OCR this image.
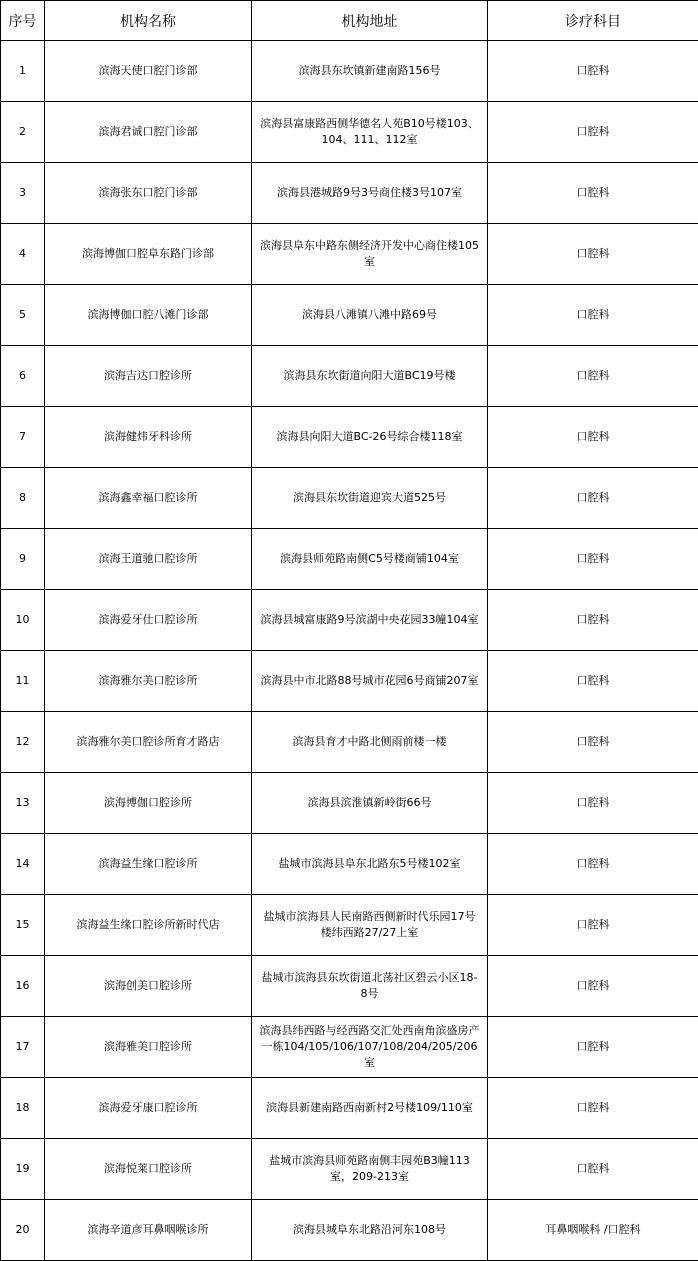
序号	机构名称	机构地址	诊疗科目
1	滨海天使口腔门诊部	滨海县东坎镇新建南路156号	口腔科
2	滨海君诚口腔门诊部	滨海县富康路西侧华德名人苑B10号楼103、104、111、112室	口腔科
3	滨海张东口腔门诊部	滨海县港城路9号3号商住楼3号107室	口腔科
4	滨海博伽口腔阜东路门诊部	滨海县阜东中路东侧经济开发中心商住楼105室	口腔科
5	滨海博伽口腔八滩门诊部	滨海县八滩镇八滩中路69号	口腔科
6	滨海吉达口腔诊所	滨海县东坎街道向阳大道BC19号楼	口腔科
7	滨海健炜牙科诊所	滨海县向阳大道BC-26号综合楼118室	口腔科
8	滨海鑫幸福口腔诊所	滨海县东坎街道迎宾大道525号	口腔科
9	滨海王道驰口腔诊所	滨海县师苑路南侧C5号楼商铺104室	口腔科
10	滨海爱牙仕口腔诊所	滨海县城富康路9号滨湖中央花园33幢104室	口腔科
11	滨海雅尔美口腔诊所	滨海县中市北路88号城市花园6号商铺207室	口腔科
12	滨海雅尔美口腔诊所育才路店	滨海县育才中路北侧雨前楼一楼	口腔科
13	滨海博伽口腔诊所	滨海县滨淮镇新岭街66号	口腔科
14	滨海益生缘口腔诊所	盐城市滨海县阜东北路东5号楼102室	口腔科
15	滨海益生缘口腔诊所新时代店	盐城市滨海县人民南路西侧新时代乐园17号楼纬西路27/27上室	口腔科
16	滨海创美口腔诊所	盐城市滨海县东坎街道北荡社区碧云小区18-8号	口腔科
17	滨海雅美口腔诊所	滨海县纬西路与经西路交汇处西南角滨盛房产一栋104/105/106/107/108/204/205/206室	口腔科
18	滨海爱牙康口腔诊所	滨海县新建南路西南新村2号楼109/110室	口腔科
19	滨海悦莱口腔诊所	盐城市滨海县师苑路南侧丰园苑B3幢113室，209-213室	口腔科
20	滨海辛道彦耳鼻咽喉诊所	滨海县城阜东北路沿河东108号	耳鼻咽喉科 /口腔科
